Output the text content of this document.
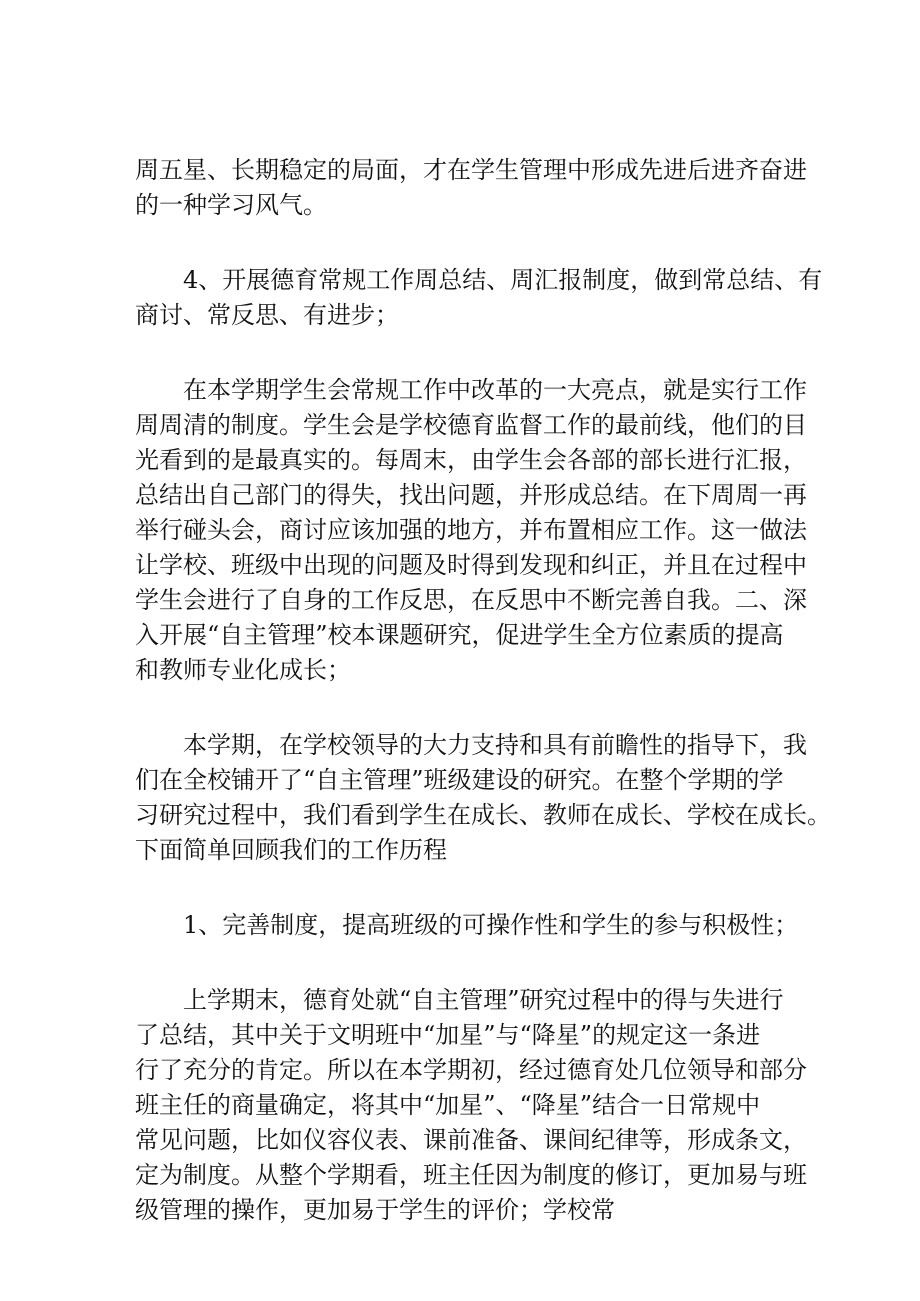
周五星、长期稳定的局面，才在学生管理中形成先进后进齐奋进
的一种学习风气。

　　4、开展德育常规工作周总结、周汇报制度，做到常总结、有
商讨、常反思、有进步；

　　在本学期学生会常规工作中改革的一大亮点，就是实行工作
周周清的制度。学生会是学校德育监督工作的最前线，他们的目
光看到的是最真实的。每周末，由学生会各部的部长进行汇报，
总结出自己部门的得失，找出问题，并形成总结。在下周周一再
举行碰头会，商讨应该加强的地方，并布置相应工作。这一做法
让学校、班级中出现的问题及时得到发现和纠正，并且在过程中
学生会进行了自身的工作反思，在反思中不断完善自我。二、深
入开展“自主管理”校本课题研究，促进学生全方位素质的提高
和教师专业化成长；

　　本学期，在学校领导的大力支持和具有前瞻性的指导下，我
们在全校铺开了“自主管理”班级建设的研究。在整个学期的学
习研究过程中，我们看到学生在成长、教师在成长、学校在成长。
下面简单回顾我们的工作历程

　　1、完善制度，提高班级的可操作性和学生的参与积极性；

　　上学期末，德育处就“自主管理”研究过程中的得与失进行
了总结，其中关于文明班中“加星”与“降星”的规定这一条进
行了充分的肯定。所以在本学期初，经过德育处几位领导和部分
班主任的商量确定，将其中“加星”、“降星”结合一日常规中
常见问题，比如仪容仪表、课前准备、课间纪律等，形成条文，
定为制度。从整个学期看，班主任因为制度的修订，更加易与班
级管理的操作，更加易于学生的评价；学校常
